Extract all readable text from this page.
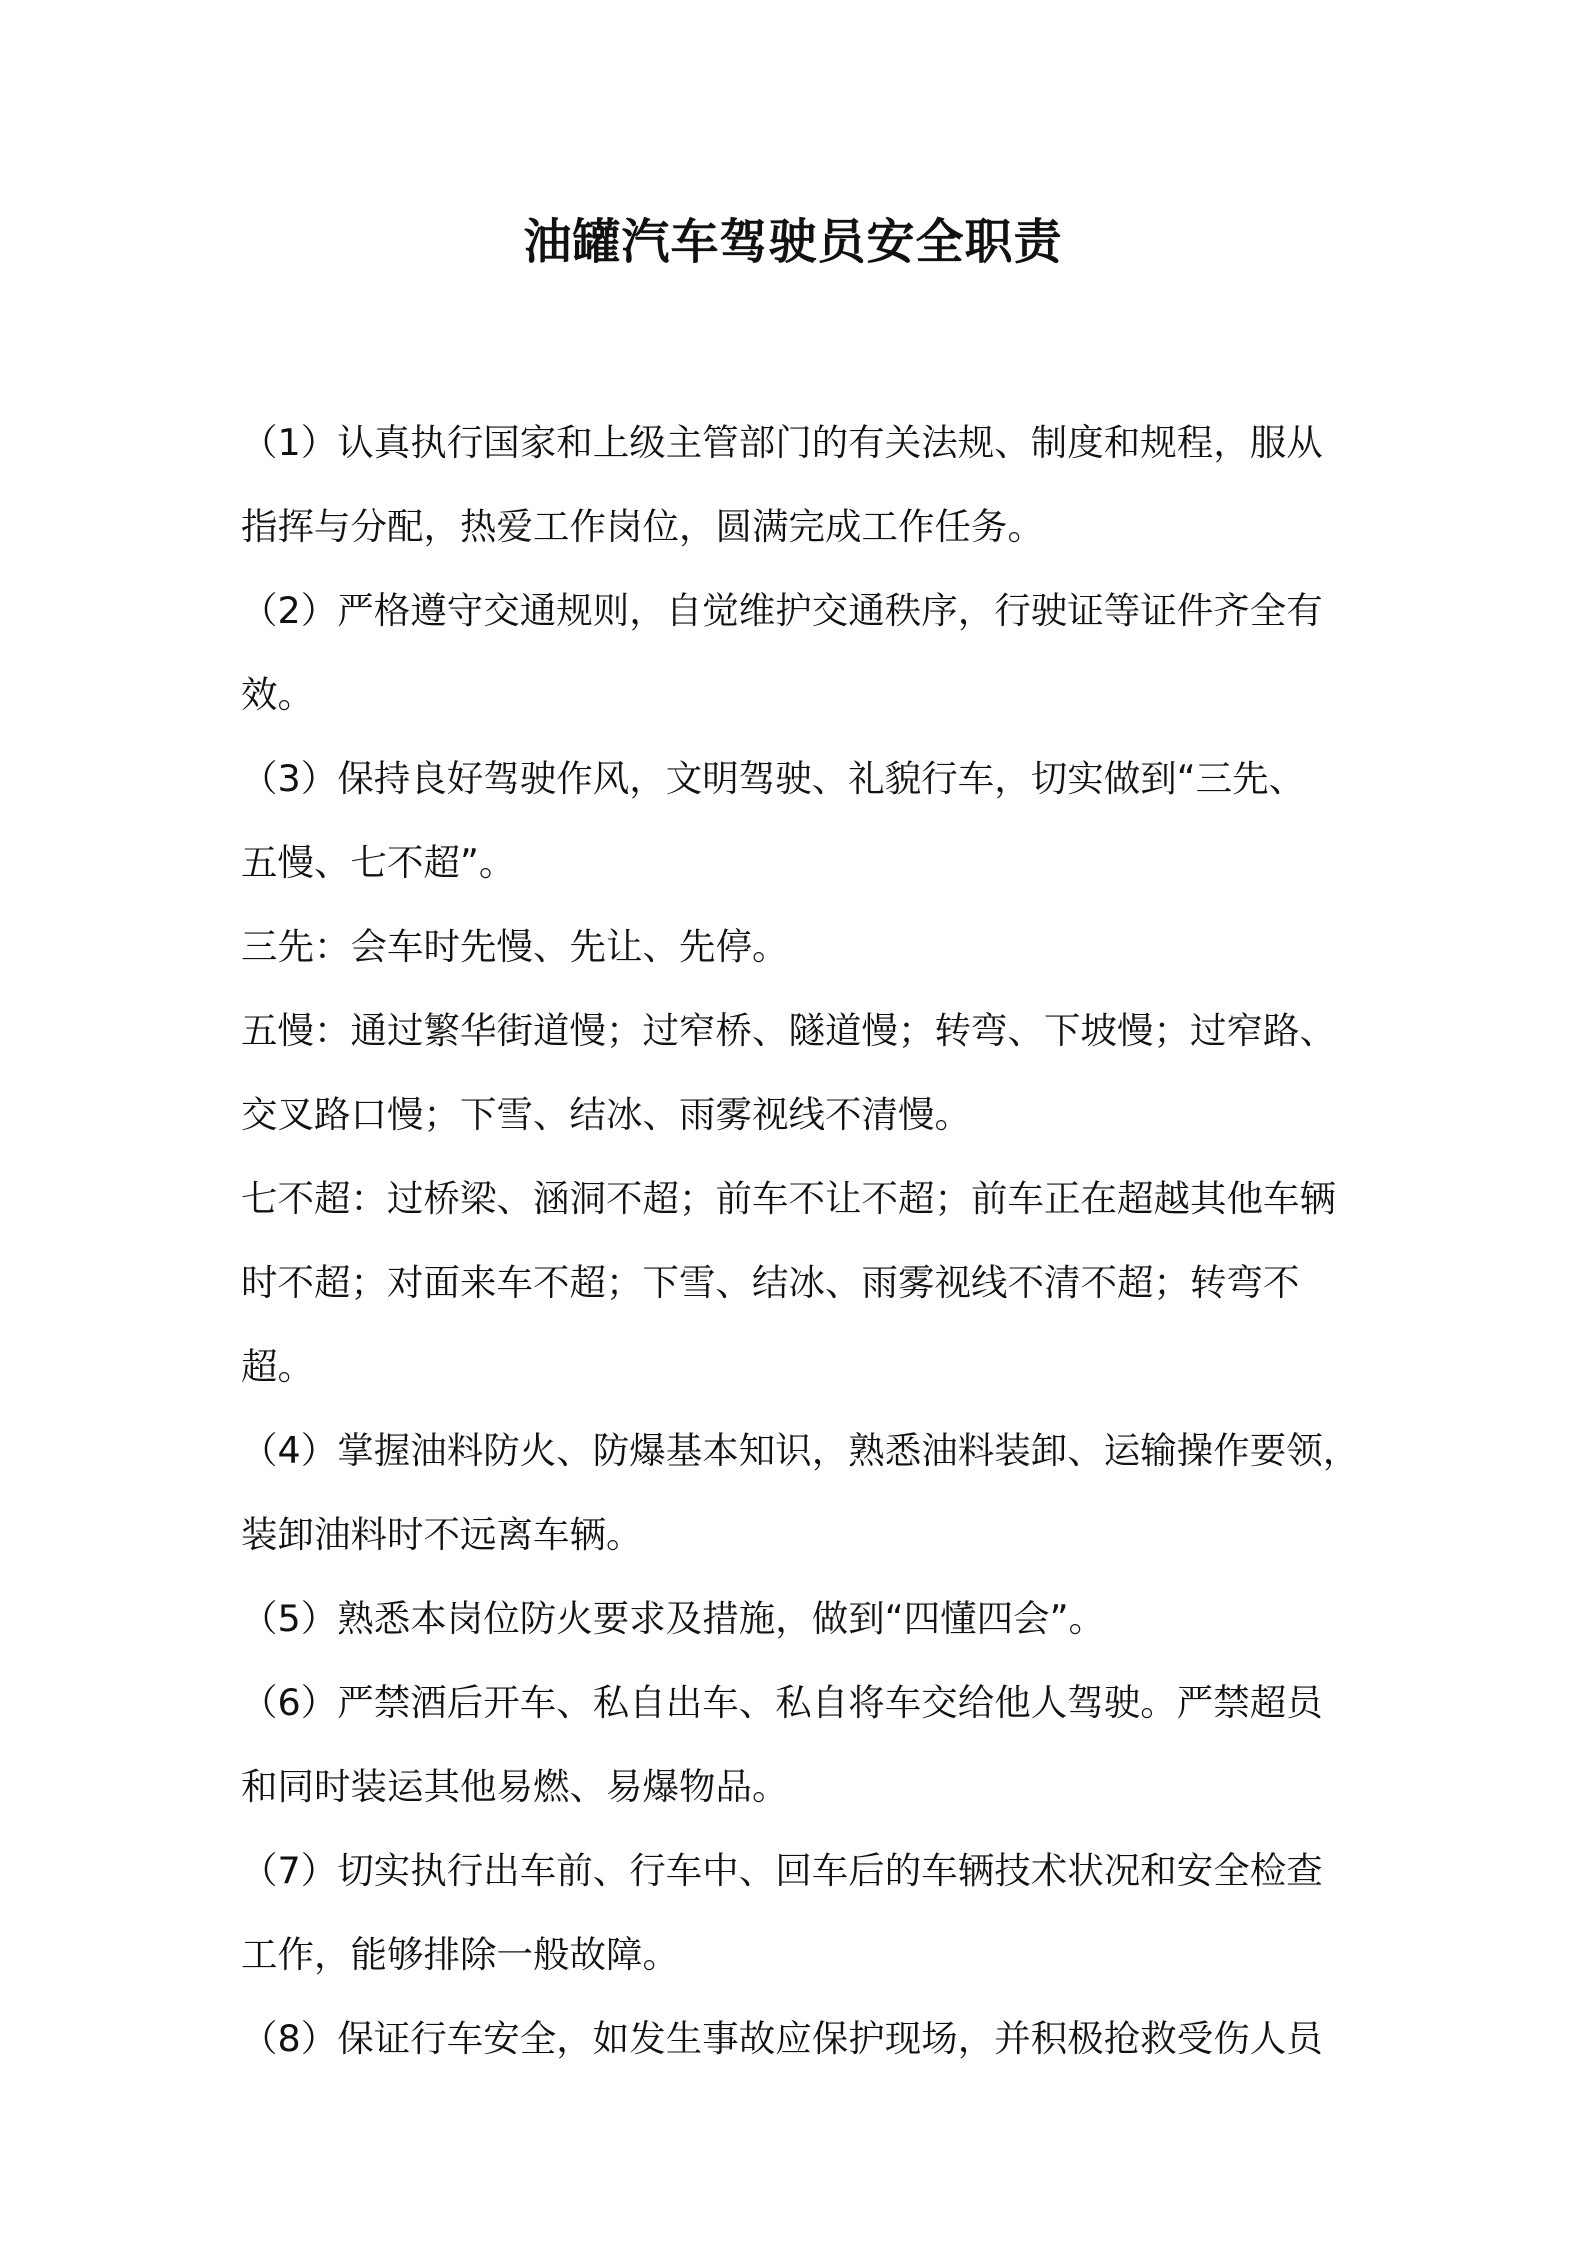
油罐汽车驾驶员安全职责

（1）认真执行国家和上级主管部门的有关法规、制度和规程，服从
指挥与分配，热爱工作岗位，圆满完成工作任务。

（2）严格遵守交通规则，自觉维护交通秩序，行驶证等证件齐全有
效。

（3）保持良好驾驶作风，文明驾驶、礼貌行车，切实做到“三先、
五慢、七不超”。

三先：会车时先慢、先让、先停。

五慢：通过繁华街道慢；过窄桥、隧道慢；转弯、下坡慢；过窄路、
交叉路口慢；下雪、结冰、雨雾视线不清慢。

七不超：过桥梁、涵洞不超；前车不让不超；前车正在超越其他车辆
时不超；对面来车不超；下雪、结冰、雨雾视线不清不超；转弯不超。

（4）掌握油料防火、防爆基本知识，熟悉油料装卸、运输操作要领，
装卸油料时不远离车辆。

（5）熟悉本岗位防火要求及措施，做到“四懂四会”。

（6）严禁酒后开车、私自出车、私自将车交给他人驾驶。严禁超员
和同时装运其他易燃、易爆物品。

（7）切实执行出车前、行车中、回车后的车辆技术状况和安全检查
工作，能够排除一般故障。

（8）保证行车安全，如发生事故应保护现场，并积极抢救受伤人员
